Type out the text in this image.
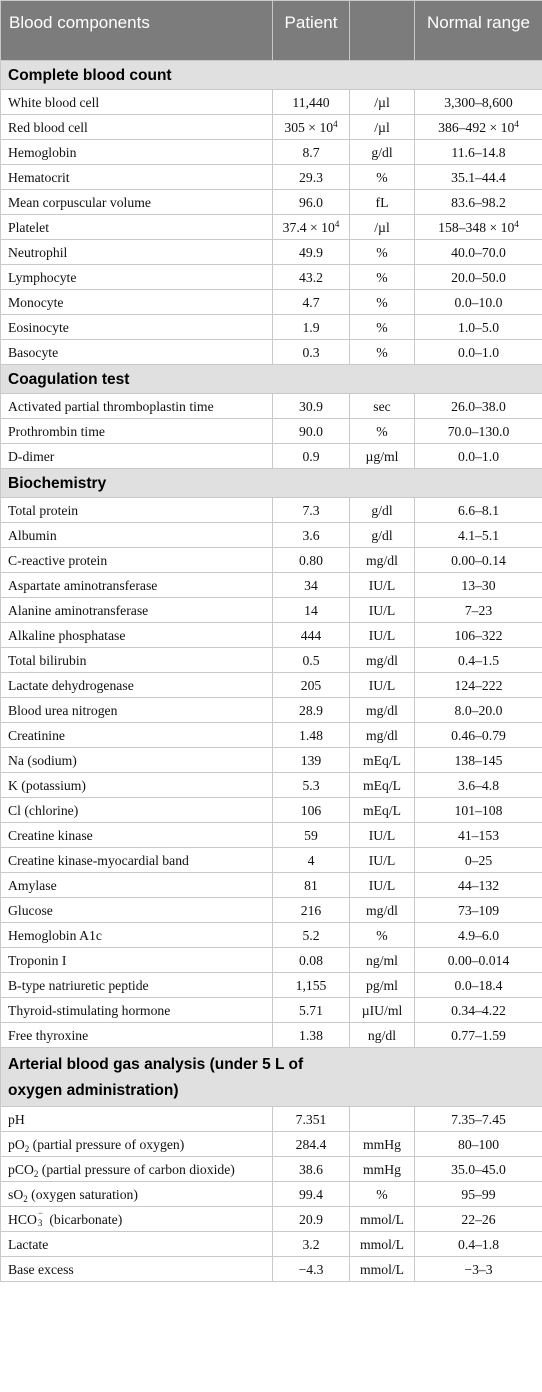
Blood components	Patient		Normal range
Complete blood count			
White blood cell	11,440	/µl	3,300–8,600
Red blood cell	$305 \times 10^4$	/µl	$386-492 \times 10^4$
Hemoglobin	8.7	g/dl	11.6–14.8
Hematocrit	29.3	%	35.1–44.4
Mean corpuscular volume	96.0	fL	83.6–98.2
Platelet	$37.4 \times 10^4$	/µl	$158-348 \times 10^4$
Neutrophil	49.9	%	40.0–70.0
Lymphocyte	43.2	%	20.0–50.0
Monocyte	4.7	%	0.0–10.0
Eosinocyte	1.9	%	1.0–5.0
Basocyte	0.3	%	0.0–1.0
Coagulation test			
Activated partial thromboplastin time	30.9	sec	26.0–38.0
Prothrombin time	90.0	%	70.0–130.0
D-dimer	0.9	µg/ml	0.0–1.0
Biochemistry			
Total protein	7.3	g/dl	6.6–8.1
Albumin	3.6	g/dl	4.1–5.1
C-reactive protein	0.80	mg/dl	0.00–0.14
Aspartate aminotransferase	34	IU/L	13–30
Alanine aminotransferase	14	IU/L	7–23
Alkaline phosphatase	444	IU/L	106–322
Total bilirubin	0.5	mg/dl	0.4–1.5
Lactate dehydrogenase	205	IU/L	124–222
Blood urea nitrogen	28.9	mg/dl	8.0–20.0
Creatinine	1.48	mg/dl	0.46–0.79
Na (sodium)	139	mEq/L	138–145
K (potassium)	5.3	mEq/L	3.6–4.8
Cl (chlorine)	106	mEq/L	101–108
Creatine kinase	59	IU/L	41–153
Creatine kinase-myocardial band	4	IU/L	0–25
Amylase	81	IU/L	44–132
Glucose	216	mg/dl	73–109
Hemoglobin A1c	5.2	%	4.9–6.0
Troponin I	0.08	ng/ml	0.00–0.014
B-type natriuretic peptide	1,155	pg/ml	0.0–18.4
Thyroid-stimulating hormone	5.71	µIU/ml	0.34–4.22
Free thyroxine	1.38	ng/dl	0.77–1.59
Arterial blood gas analysis (under 5 L of oxygen administration)			
pH	7.351		7.35–7.45
$pO_2$ (partial pressure of oxygen)	284.4	mmHg	80–100
pCO$_2$ (partial pressure of carbon dioxide)	38.6	mmHg	35.0–45.0
$sO_2$ (oxygen saturation)	99.4	%	95–99
HCO −
3 (bicarbonate)	20.9	mmol/L	22–26
Lactate	3.2	mmol/L	0.4–1.8
Base excess	−4.3	mmol/L	−3–3
